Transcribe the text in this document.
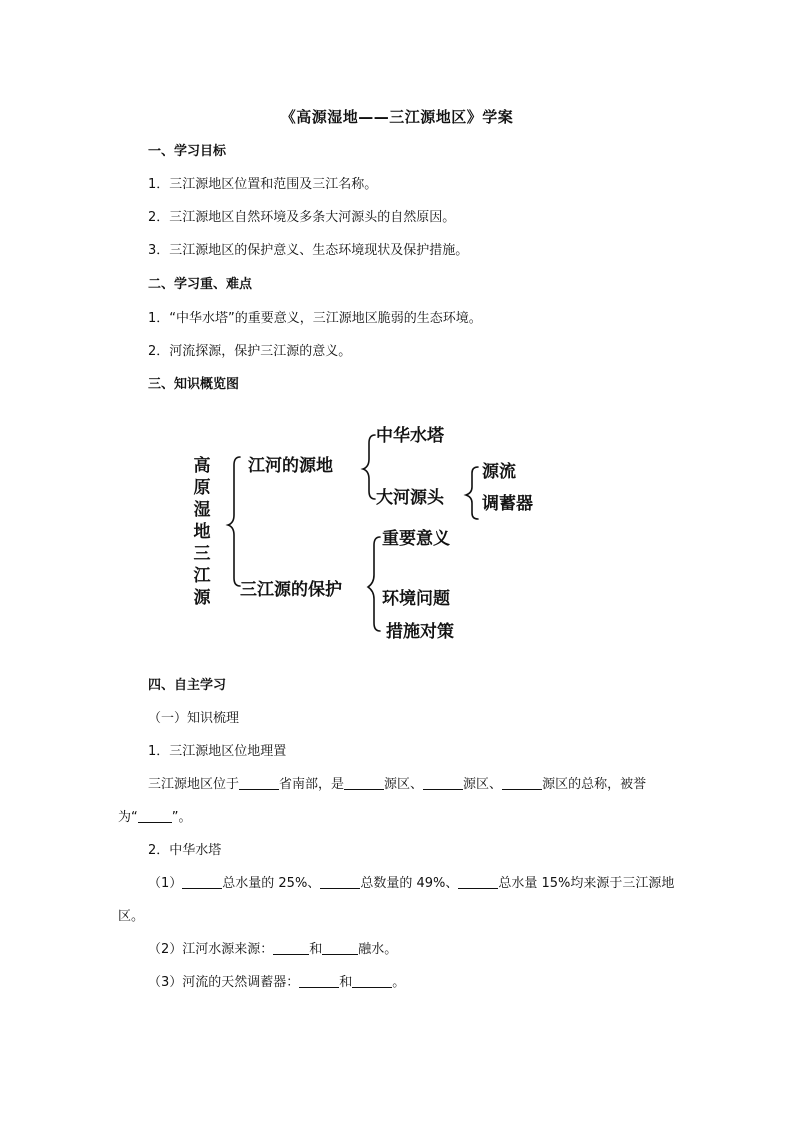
《高源湿地——三江源地区》学案
一、学习目标
1．三江源地区位置和范围及三江名称。
2．三江源地区自然环境及多条大河源头的自然原因。
3．三江源地区的保护意义、生态环境现状及保护措施。
二、学习重、难点
1．“中华水塔”的重要意义，三江源地区脆弱的生态环境。
2．河流探源，保护三江源的意义。
三、知识概览图
高
原
湿
地
三
江
源
江河的源地
中华水塔
大河源头
源流
调蓄器
三江源的保护
重要意义
环境问题
措施对策
四、自主学习
（一）知识梳理
1．三江源地区位地理置
三江源地区位于	省南部，是	源区、	源区、	源区的总称，被誉
为“	”。
2．中华水塔
（1）	总水量的 25%、	总数量的 49%、	总水量 15%均来源于三江源地
区。
（2）江河水源来源：	和	融水。
（3）河流的天然调蓄器：	和	。
